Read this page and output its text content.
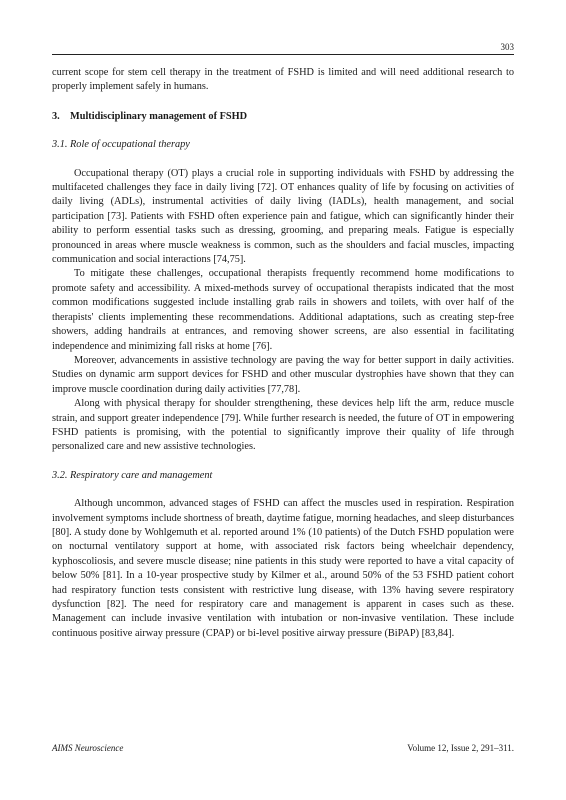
303

current scope for stem cell therapy in the treatment of FSHD is limited and will need additional research to properly implement safely in humans.

3. Multidisciplinary management of FSHD
3.1. Role of occupational therapy

Occupational therapy (OT) plays a crucial role in supporting individuals with FSHD by addressing the multifaceted challenges they face in daily living [72]. OT enhances quality of life by focusing on activities of daily living (ADLs), instrumental activities of daily living (IADLs), health management, and social participation [73]. Patients with FSHD often experience pain and fatigue, which can significantly hinder their ability to perform essential tasks such as dressing, grooming, and preparing meals. Fatigue is especially pronounced in areas where muscle weakness is common, such as the shoulders and facial muscles, impacting communication and social interactions [74,75].

To mitigate these challenges, occupational therapists frequently recommend home modifications to promote safety and accessibility. A mixed-methods survey of occupational therapists indicated that the most common modifications suggested include installing grab rails in showers and toilets, with over half of the therapists' clients implementing these recommendations. Additional adaptations, such as creating step-free showers, adding handrails at entrances, and removing shower screens, are also essential in facilitating independence and minimizing fall risks at home [76].

Moreover, advancements in assistive technology are paving the way for better support in daily activities. Studies on dynamic arm support devices for FSHD and other muscular dystrophies have shown that they can improve muscle coordination during daily activities [77,78].

Along with physical therapy for shoulder strengthening, these devices help lift the arm, reduce muscle strain, and support greater independence [79]. While further research is needed, the future of OT in empowering FSHD patients is promising, with the potential to significantly improve their quality of life through personalized care and new assistive technologies.

3.2. Respiratory care and management

Although uncommon, advanced stages of FSHD can affect the muscles used in respiration. Respiration involvement symptoms include shortness of breath, daytime fatigue, morning headaches, and sleep disturbances [80]. A study done by Wohlgemuth et al. reported around 1% (10 patients) of the Dutch FSHD population were on nocturnal ventilatory support at home, with associated risk factors being wheelchair dependency, kyphoscoliosis, and severe muscle disease; nine patients in this study were reported to have a vital capacity of below 50% [81]. In a 10-year prospective study by Kilmer et al., around 50% of the 53 FSHD patient cohort had respiratory function tests consistent with restrictive lung disease, with 13% having severe respiratory dysfunction [82]. The need for respiratory care and management is apparent in cases such as these. Management can include invasive ventilation with intubation or non-invasive ventilation. These include continuous positive airway pressure (CPAP) or bi-level positive airway pressure (BiPAP) [83,84].

AIMS Neuroscience	Volume 12, Issue 2, 291–311.
